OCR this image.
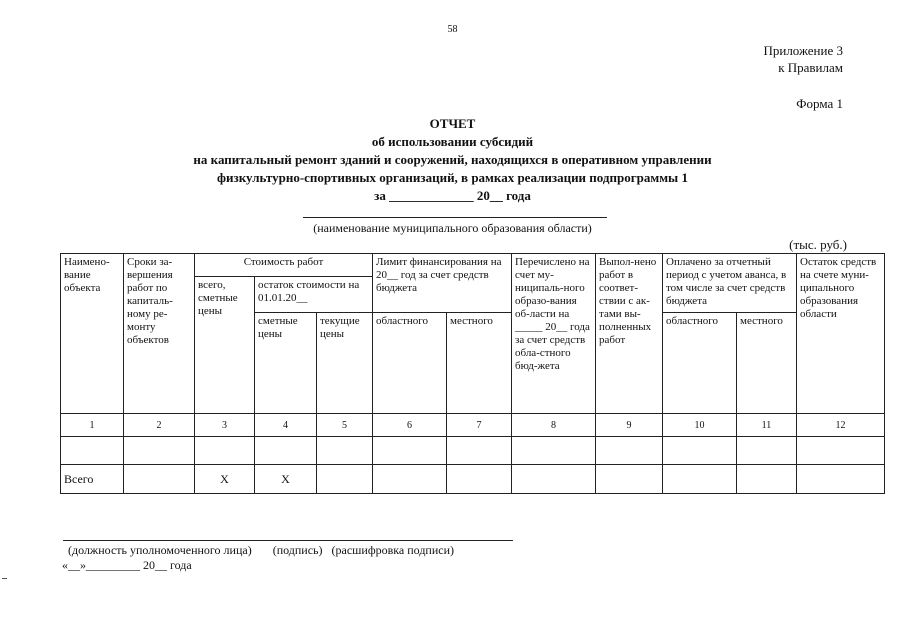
58
Приложение 3
к Правилам
Форма 1
ОТЧЕТ
об использовании субсидий
на капитальный ремонт зданий и сооружений, находящихся в оперативном управлении
физкультурно-спортивных организаций, в рамках реализации подпрограммы 1
за _____________ 20__ года
(наименование муниципального образования области)
(тыс. руб.)
Наимено-вание объекта	Сроки за-вершения работ по капиталь-ному ре-монту объектов	Стоимость работ			Лимит финансирования на 20__ год за счет средств бюджета		Перечислено на счет му-ниципаль-ного образо-вания об-ласти на _____ 20__ года за счет средств обла-стного бюд-жета	Выпол-нено работ в соответ-ствии с ак-тами вы-полненных работ	Оплачено за отчетный период с учетом аванса, в том числе за счет средств бюджета		Остаток средств на счете муни-ципального образования области
		всего, сметные цены	остаток стоимости на 01.01.20__								
			сметные цены	текущие цены	областного	местного			областного	местного	
1	2	3	4	5	6	7	8	9	10	11	12

Всего		Х	Х								
(должность уполномоченного лица)       (подпись)   (расшифровка подписи)
«__»_________ 20__ года
